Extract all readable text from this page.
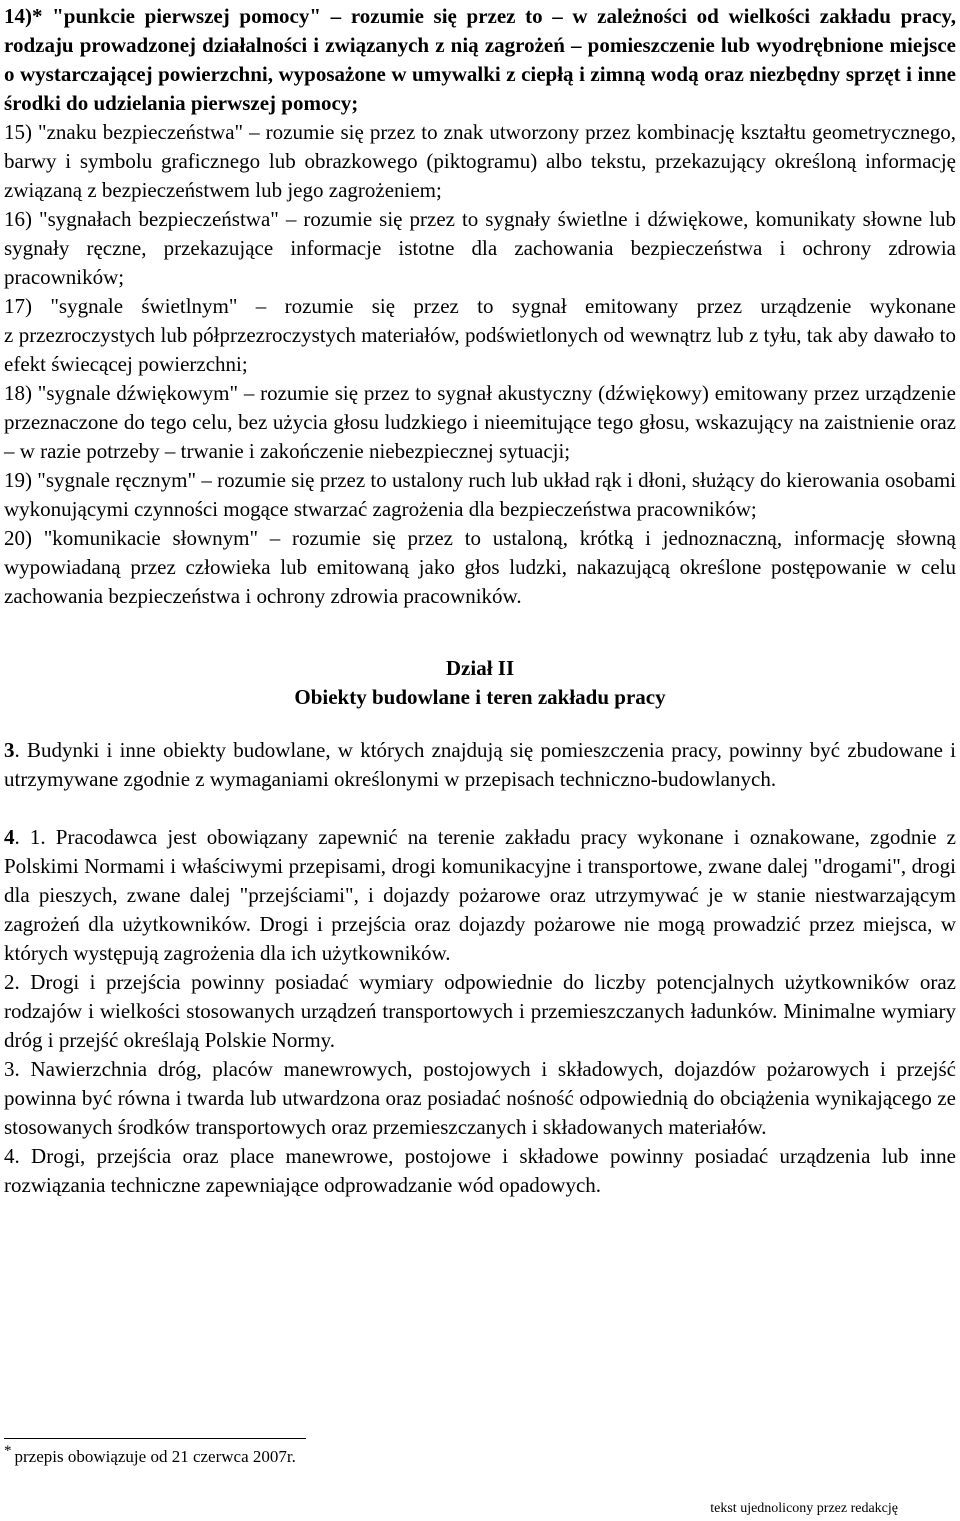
14)* "punkcie pierwszej pomocy" – rozumie się przez to – w zależności od wielkości zakładu pracy, rodzaju prowadzonej działalności i związanych z nią zagrożeń – pomieszczenie lub wyodrębnione miejsce o wystarczającej powierzchni, wyposażone w umywalki z ciepłą i zimną wodą oraz niezbędny sprzęt i inne środki do udzielania pierwszej pomocy;

15) "znaku bezpieczeństwa" – rozumie się przez to znak utworzony przez kombinację kształtu geometrycznego, barwy i symbolu graficznego lub obrazkowego (piktogramu) albo tekstu, przekazujący określoną informację związaną z bezpieczeństwem lub jego zagrożeniem;

16) "sygnałach bezpieczeństwa" – rozumie się przez to sygnały świetlne i dźwiękowe, komunikaty słowne lub sygnały ręczne, przekazujące informacje istotne dla zachowania bezpieczeństwa i ochrony zdrowia pracowników;

17) "sygnale świetlnym" – rozumie się przez to sygnał emitowany przez urządzenie wykonane

z przezroczystych lub półprzezroczystych materiałów, podświetlonych od wewnątrz lub z tyłu, tak aby dawało to efekt świecącej powierzchni;

18) "sygnale dźwiękowym" – rozumie się przez to sygnał akustyczny (dźwiękowy) emitowany przez urządzenie przeznaczone do tego celu, bez użycia głosu ludzkiego i nieemitujące tego głosu, wskazujący na zaistnienie oraz – w razie potrzeby – trwanie i zakończenie niebezpiecznej sytuacji;

19) "sygnale ręcznym" – rozumie się przez to ustalony ruch lub układ rąk i dłoni, służący do kierowania osobami wykonującymi czynności mogące stwarzać zagrożenia dla bezpieczeństwa pracowników;

20) "komunikacie słownym" – rozumie się przez to ustaloną, krótką i jednoznaczną, informację słowną wypowiadaną przez człowieka lub emitowaną jako głos ludzki, nakazującą określone postępowanie w celu zachowania bezpieczeństwa i ochrony zdrowia pracowników.

Dział II
Obiekty budowlane i teren zakładu pracy

3. Budynki i inne obiekty budowlane, w których znajdują się pomieszczenia pracy, powinny być zbudowane i utrzymywane zgodnie z wymaganiami określonymi w przepisach techniczno-budowlanych.

4. 1. Pracodawca jest obowiązany zapewnić na terenie zakładu pracy wykonane i oznakowane, zgodnie z Polskimi Normami i właściwymi przepisami, drogi komunikacyjne i transportowe, zwane dalej "drogami", drogi dla pieszych, zwane dalej "przejściami", i dojazdy pożarowe oraz utrzymywać je w stanie niestwarzającym zagrożeń dla użytkowników. Drogi i przejścia oraz dojazdy pożarowe nie mogą prowadzić przez miejsca, w których występują zagrożenia dla ich użytkowników.

2. Drogi i przejścia powinny posiadać wymiary odpowiednie do liczby potencjalnych użytkowników oraz rodzajów i wielkości stosowanych urządzeń transportowych i przemieszczanych ładunków. Minimalne wymiary dróg i przejść określają Polskie Normy.

3. Nawierzchnia dróg, placów manewrowych, postojowych i składowych, dojazdów pożarowych i przejść powinna być równa i twarda lub utwardzona oraz posiadać nośność odpowiednią do obciążenia wynikającego ze stosowanych środków transportowych oraz przemieszczanych i składowanych materiałów.

4. Drogi, przejścia oraz place manewrowe, postojowe i składowe powinny posiadać urządzenia lub inne rozwiązania techniczne zapewniające odprowadzanie wód opadowych.

* przepis obowiązuje od 21 czerwca 2007r.
tekst ujednolicony przez redakcję
